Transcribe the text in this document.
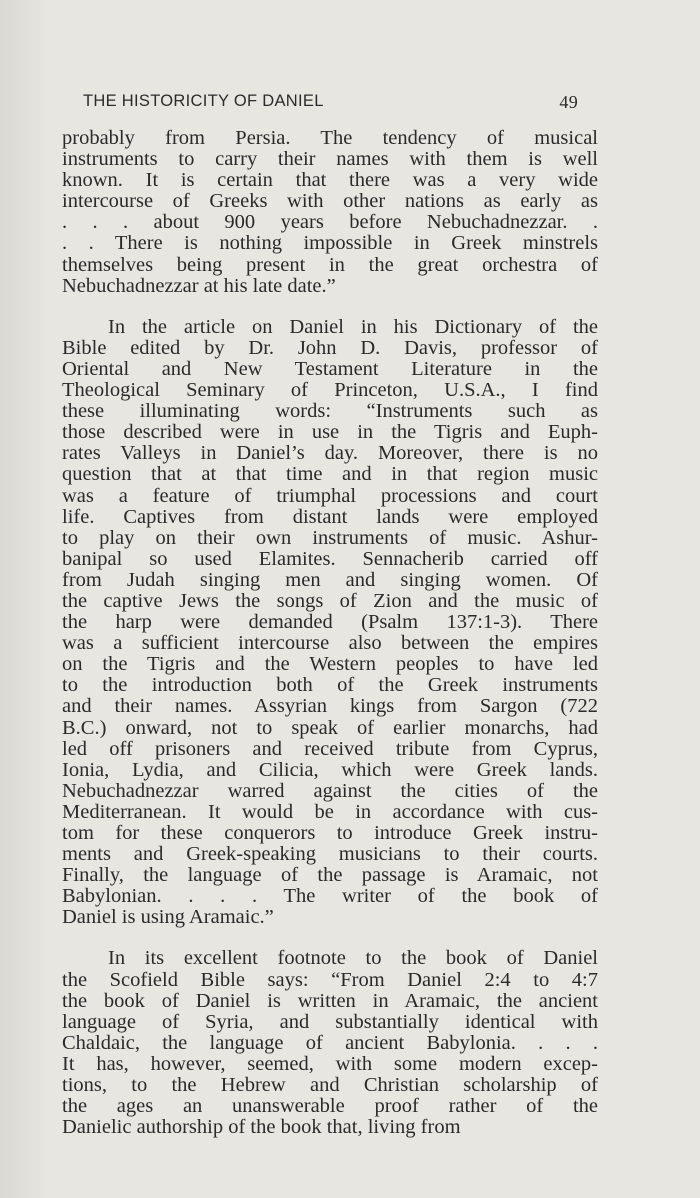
THE HISTORICITY OF DANIEL	49
probably from Persia. The tendency of musical
instruments to carry their names with them is well
known. It is certain that there was a very wide
intercourse of Greeks with other nations as early as
. . . about 900 years before Nebuchadnezzar. .
. . There is nothing impossible in Greek minstrels
themselves being present in the great orchestra of
Nebuchadnezzar at his late date.”
In the article on Daniel in his Dictionary of the
Bible edited by Dr. John D. Davis, professor of
Oriental and New Testament Literature in the
Theological Seminary of Princeton, U.S.A., I find
these illuminating words: “Instruments such as
those described were in use in the Tigris and Euph-
rates Valleys in Daniel’s day. Moreover, there is no
question that at that time and in that region music
was a feature of triumphal processions and court
life. Captives from distant lands were employed
to play on their own instruments of music. Ashur-
banipal so used Elamites. Sennacherib carried off
from Judah singing men and singing women. Of
the captive Jews the songs of Zion and the music of
the harp were demanded (Psalm 137:1-3). There
was a sufficient intercourse also between the empires
on the Tigris and the Western peoples to have led
to the introduction both of the Greek instruments
and their names. Assyrian kings from Sargon (722
B.C.) onward, not to speak of earlier monarchs, had
led off prisoners and received tribute from Cyprus,
Ionia, Lydia, and Cilicia, which were Greek lands.
Nebuchadnezzar warred against the cities of the
Mediterranean. It would be in accordance with cus-
tom for these conquerors to introduce Greek instru-
ments and Greek-speaking musicians to their courts.
Finally, the language of the passage is Aramaic, not
Babylonian. . . . The writer of the book of
Daniel is using Aramaic.”
In its excellent footnote to the book of Daniel
the Scofield Bible says: “From Daniel 2:4 to 4:7
the book of Daniel is written in Aramaic, the ancient
language of Syria, and substantially identical with
Chaldaic, the language of ancient Babylonia. . . .
It has, however, seemed, with some modern excep-
tions, to the Hebrew and Christian scholarship of
the ages an unanswerable proof rather of the
Danielic authorship of the book that, living from
